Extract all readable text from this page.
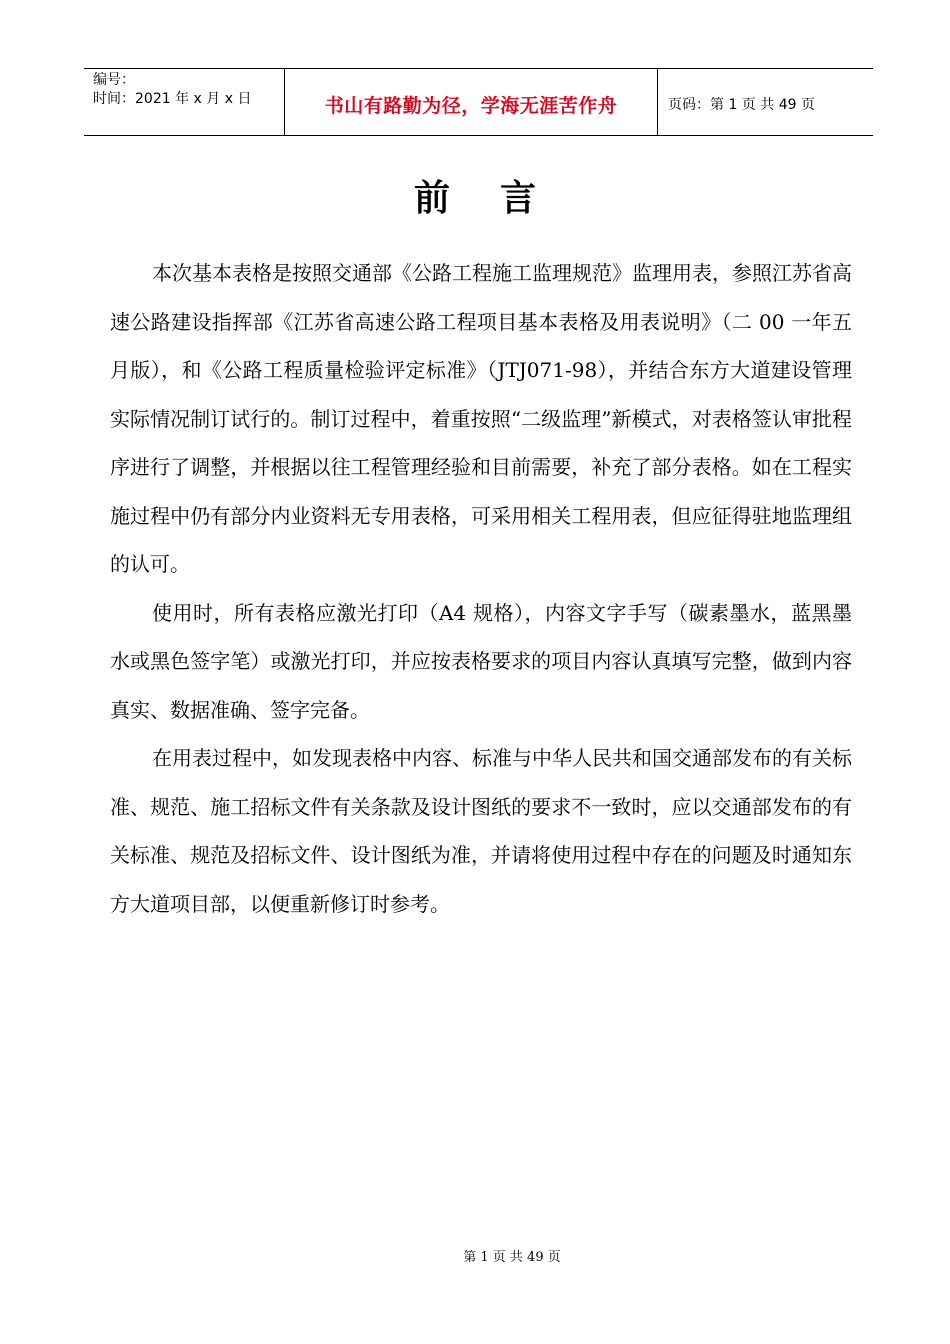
编号：
时间：2021 年 x 月 x 日	书山有路勤为径，学海无涯苦作舟	页码：第 1 页 共 49 页
前言

本次基本表格是按照交通部《公路工程施工监理规范》监理用表，参照江苏省高速公路建设指挥部《江苏省高速公路工程项目基本表格及用表说明》（二 00 一年五月版），和《公路工程质量检验评定标准》（JTJ071-98），并结合东方大道建设管理实际情况制订试行的。制订过程中，着重按照“二级监理”新模式，对表格签认审批程序进行了调整，并根据以往工程管理经验和目前需要，补充了部分表格。如在工程实施过程中仍有部分内业资料无专用表格，可采用相关工程用表，但应征得驻地监理组的认可。

使用时，所有表格应激光打印（A4 规格），内容文字手写（碳素墨水，蓝黑墨水或黑色签字笔）或激光打印，并应按表格要求的项目内容认真填写完整，做到内容真实、数据准确、签字完备。

在用表过程中，如发现表格中内容、标准与中华人民共和国交通部发布的有关标准、规范、施工招标文件有关条款及设计图纸的要求不一致时，应以交通部发布的有关标准、规范及招标文件、设计图纸为准，并请将使用过程中存在的问题及时通知东方大道项目部，以便重新修订时参考。

第 1 页 共 49 页
